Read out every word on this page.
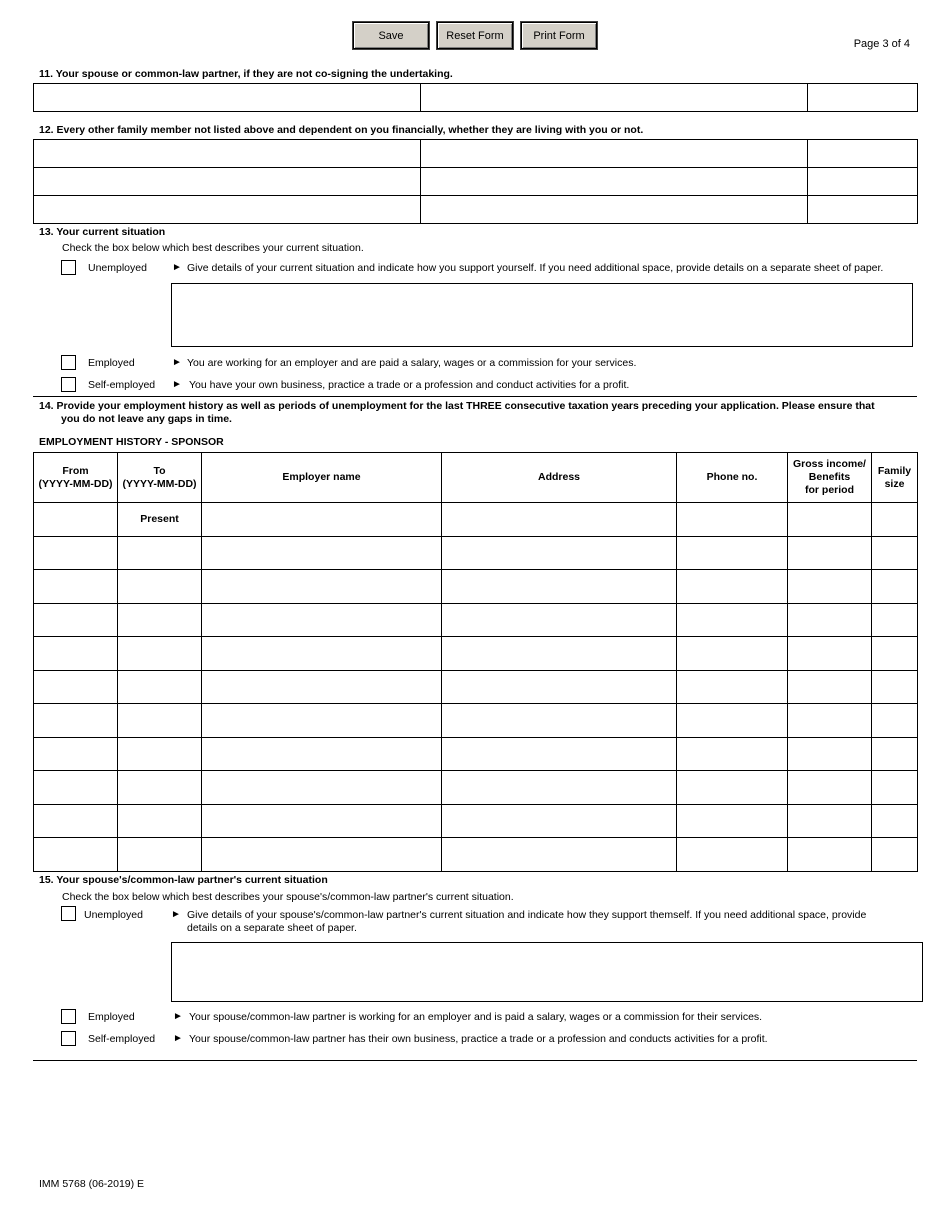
Save	Reset Form	Print Form
Page 3 of 4
11. Your spouse or common-law partner, if they are not co-signing the undertaking.

12. Every other family member not listed above and dependent on you financially, whether they are living with you or not.

13. Your current situation
Check the box below which best describes your current situation.
Unemployed	► Give details of your current situation and indicate how you support yourself. If you need additional space, provide details on a separate sheet of paper.
Employed	► You are working for an employer and are paid a salary, wages or a commission for your services.
Self-employed ► You have your own business, practice a trade or a profession and conduct activities for a profit.
14. Provide your employment history as well as periods of unemployment for the last THREE consecutive taxation years preceding your application. Please ensure that
you do not leave any gaps in time.
EMPLOYMENT HISTORY - SPONSOR
From
(YYYY-MM-DD)	To
(YYYY-MM-DD)	Employer name	Address	Phone no.	Gross income/
Benefits
for period	Family
size
	Present					

15. Your spouse's/common-law partner's current situation
Check the box below which best describes your spouse's/common-law partner's current situation.
Unemployed	► Give details of your spouse's/common-law partner's current situation and indicate how they support themself. If you need additional space, provide
details on a separate sheet of paper.
Employed	► Your spouse/common-law partner is working for an employer and is paid a salary, wages or a commission for their services.
Self-employed ► Your spouse/common-law partner has their own business, practice a trade or a profession and conducts activities for a profit.
IMM 5768 (06-2019) E
